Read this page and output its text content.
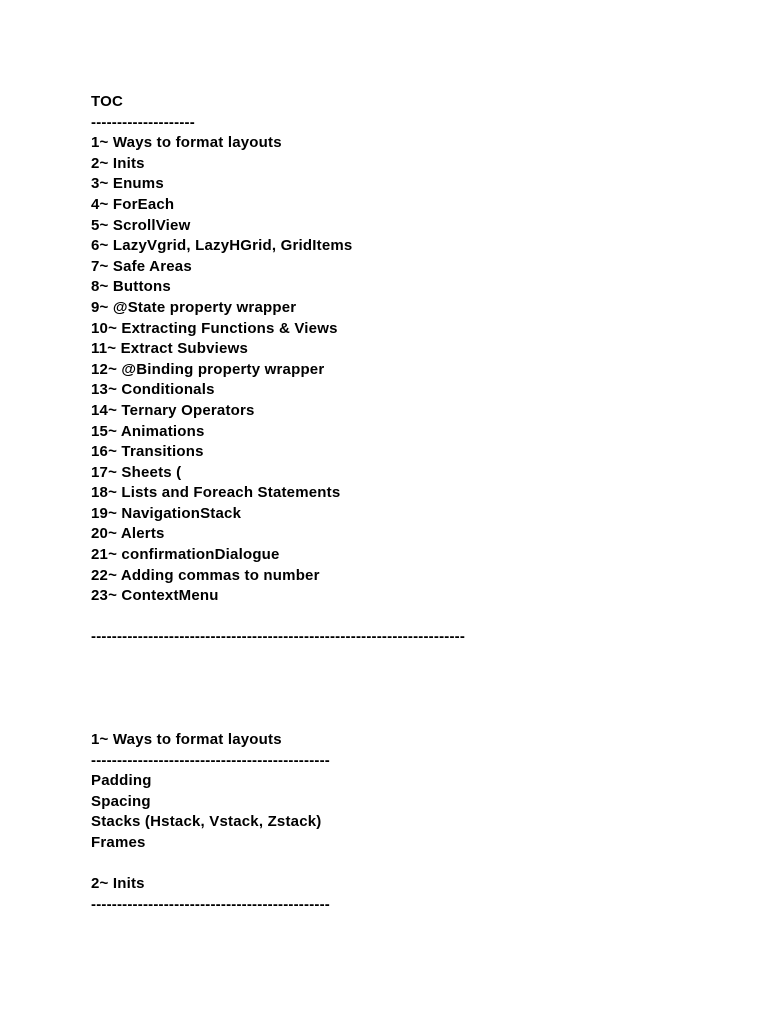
TOC
--------------------
1~ Ways to format layouts
2~ Inits
3~ Enums
4~ ForEach
5~ ScrollView
6~ LazyVgrid, LazyHGrid, GridItems
7~ Safe Areas
8~ Buttons
9~ @State property wrapper
10~ Extracting Functions & Views
11~ Extract Subviews
12~ @Binding property wrapper
13~ Conditionals
14~ Ternary Operators
15~ Animations
16~ Transitions
17~ Sheets (
18~ Lists and Foreach Statements
19~ NavigationStack
20~ Alerts
21~ confirmationDialogue
22~ Adding commas to number
23~ ContextMenu
------------------------------------------------------------------------
1~ Ways to format layouts
----------------------------------------------
Padding
Spacing
Stacks (Hstack, Vstack, Zstack)
Frames
2~ Inits
----------------------------------------------
